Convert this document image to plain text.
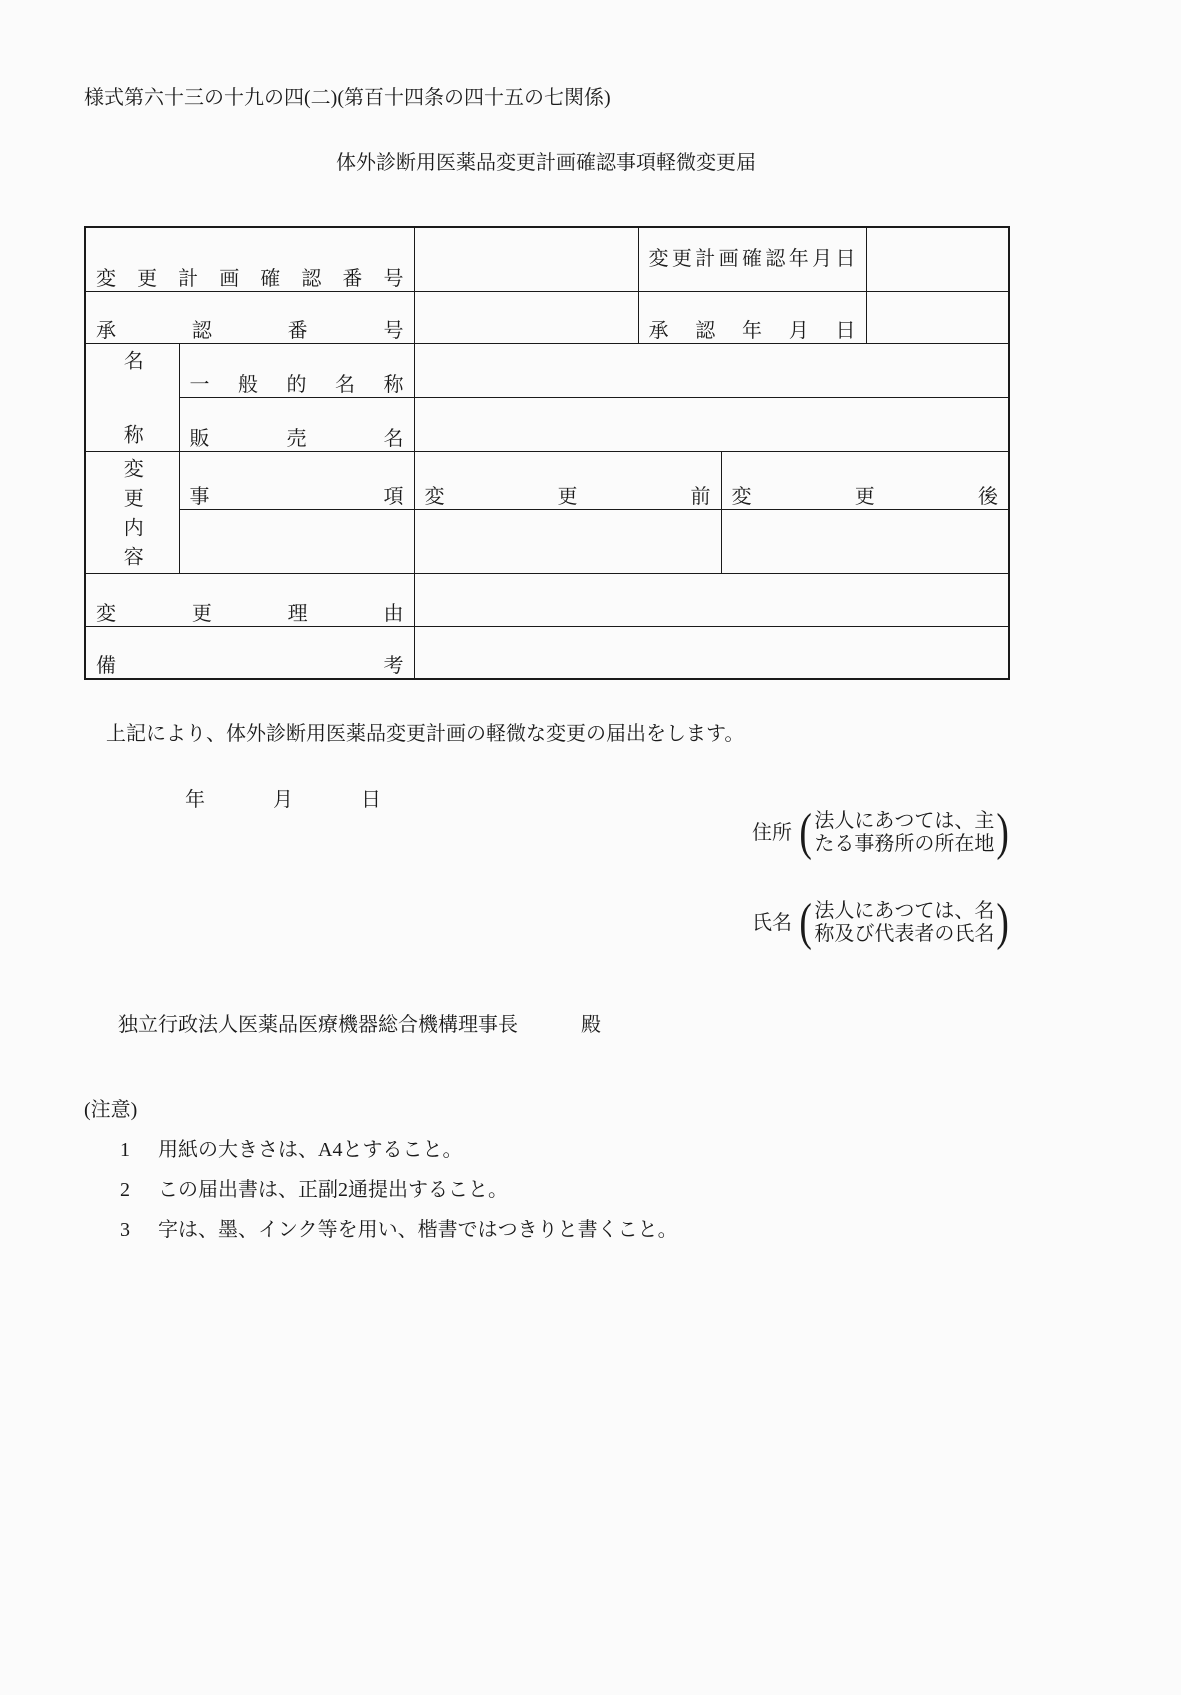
様式第六十三の十九の四(二)(第百十四条の四十五の七関係)
体外診断用医薬品変更計画確認事項軽微変更届
変更計画確認番号			変更計画確認年月日		
承認番号			承認年月日		

名称	一般的名称				
	販売名				

変更内容	事項	変更前		変更後	

変更理由					
備考					
上記により、体外診断用医薬品変更計画の軽微な変更の届出をします。
年	月	日
住所 ( 法人にあつては、主
たる事務所の所在地 )
氏名 ( 法人にあつては、名
称及び代表者の氏名 )
独立行政法人医薬品医療機器総合機構理事長	殿
(注意)
1 用紙の大きさは、A4とすること。
2 この届出書は、正副2通提出すること。
3 字は、墨、インク等を用い、楷書ではつきりと書くこと。
